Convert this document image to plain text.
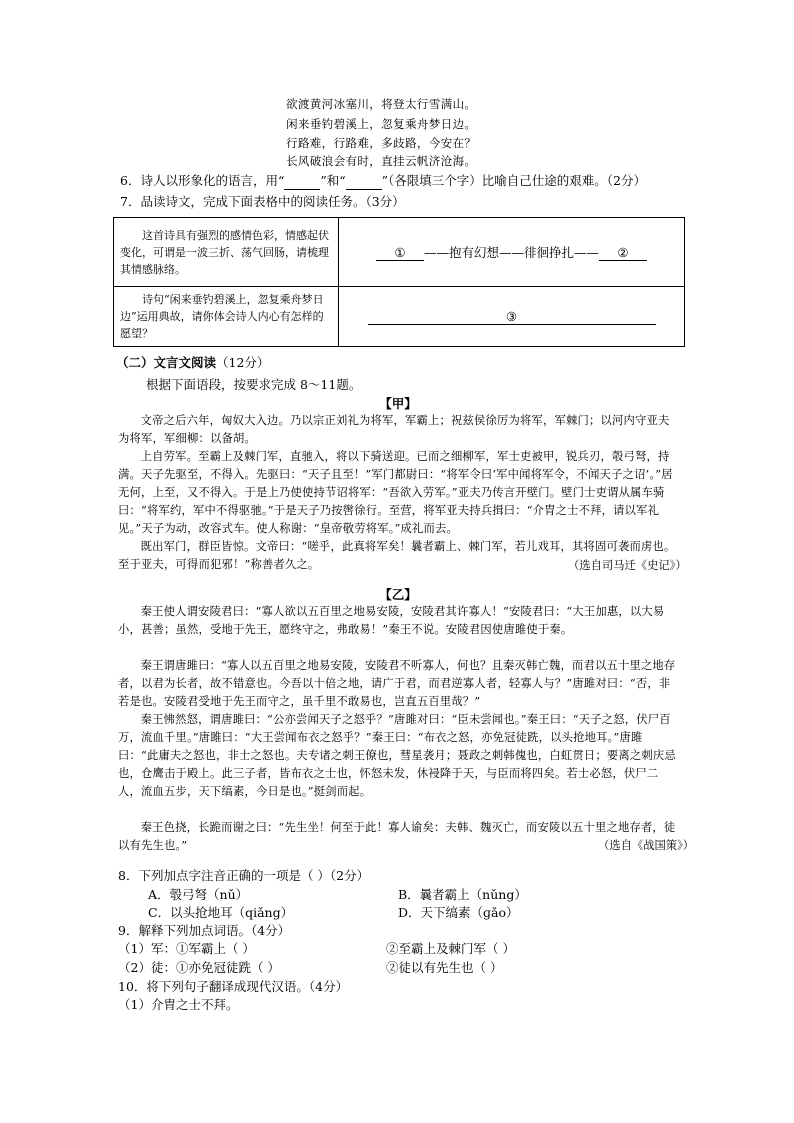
欲渡黄河冰塞川，将登太行雪满山。
闲来垂钓碧溪上，忽复乘舟梦日边。
行路难，行路难，多歧路，今安在？
长风破浪会有时，直挂云帆济沧海。
6．诗人以形象化的语言，用“	”和“	”（各限填三个字）比喻自己仕途的艰难。（2分）
7．品读诗文，完成下面表格中的阅读任务。（3分）
这首诗具有强烈的感情色彩，情感起伏变化，可谓是一波三折、荡气回肠，请梳理其情感脉络。	① ——抱有幻想——徘徊挣扎—— ②

诗句“闲来垂钓碧溪上，忽复乘舟梦日边”运用典故，请你体会诗人内心有怎样的愿望？	③
（二）文言文阅读（12分）
根据下面语段，按要求完成 8～11题。
【甲】
文帝之后六年，匈奴大入边。乃以宗正刘礼为将军，军霸上；祝兹侯徐厉为将军，军棘门；以河内守亚夫为将军，军细柳：以备胡。
上自劳军。至霸上及棘门军，直驰入，将以下骑送迎。已而之细柳军，军士吏被甲，锐兵刃，彀弓弩，持满。天子先驱至，不得入。先驱曰：“天子且至！”军门都尉曰：“将军令曰‘军中闻将军令，不闻天子之诏’。”居无何，上至，又不得入。于是上乃使使持节诏将军：“吾欲入劳军。”亚夫乃传言开壁门。壁门士吏谓从属车骑曰：“将军约，军中不得驱驰。”于是天子乃按辔徐行。至营，将军亚夫持兵揖曰：“介胄之士不拜，请以军礼见。”天子为动，改容式车。使人称谢：“皇帝敬劳将军。”成礼而去。
既出军门，群臣皆惊。文帝曰：“嗟乎，此真将军矣！曩者霸上、棘门军，若儿戏耳，其将固可袭而虏也。至于亚夫，可得而犯邪！”称善者久之。	（选自司马迁《史记》）
【乙】
秦王使人谓安陵君曰：“寡人欲以五百里之地易安陵，安陵君其许寡人！”安陵君曰：“大王加惠，以大易小，甚善；虽然，受地于先王，愿终守之，弗敢易！”秦王不说。安陵君因使唐雎使于秦。
秦王谓唐雎曰：“寡人以五百里之地易安陵，安陵君不听寡人，何也？且秦灭韩亡魏，而君以五十里之地存者，以君为长者，故不错意也。今吾以十倍之地，请广于君，而君逆寡人者，轻寡人与？”唐雎对曰：“否，非若是也。安陵君受地于先王而守之，虽千里不敢易也，岂直五百里哉？”
秦王怫然怒，谓唐雎曰：“公亦尝闻天子之怒乎？”唐雎对曰：“臣未尝闻也。”秦王曰：“天子之怒，伏尸百万，流血千里。”唐雎曰：“大王尝闻布衣之怒乎？”秦王曰：“布衣之怒，亦免冠徒跣，以头抢地耳。”唐雎曰：“此庸夫之怒也，非士之怒也。夫专诸之刺王僚也，彗星袭月；聂政之刺韩傀也，白虹贯日；要离之刺庆忌也，仓鹰击于殿上。此三子者，皆布衣之士也，怀怒未发，休祲降于天，与臣而将四矣。若士必怒，伏尸二人，流血五步，天下缟素，今日是也。”挺剑而起。
秦王色挠，长跪而谢之曰：“先生坐！何至于此！寡人谕矣：夫韩、魏灭亡，而安陵以五十里之地存者，徒以有先生也。”	（选自《战国策》）
8．下列加点字注音正确的一项是（ ）（2分）
A．彀弓弩（nǔ）	B．曩者霸上（nǔng）
C．以头抢地耳（qiǎng）	D．天下缟素（ɡǎo）
9．解释下列加点词语。（4分）
（1）军：①军霸上（ ）	②至霸上及棘门军（ ）
（2）徒：①亦免冠徒跣（ ）	②徒以有先生也（ ）
10．将下列句子翻译成现代汉语。（4分）
（1）介胄之士不拜。
